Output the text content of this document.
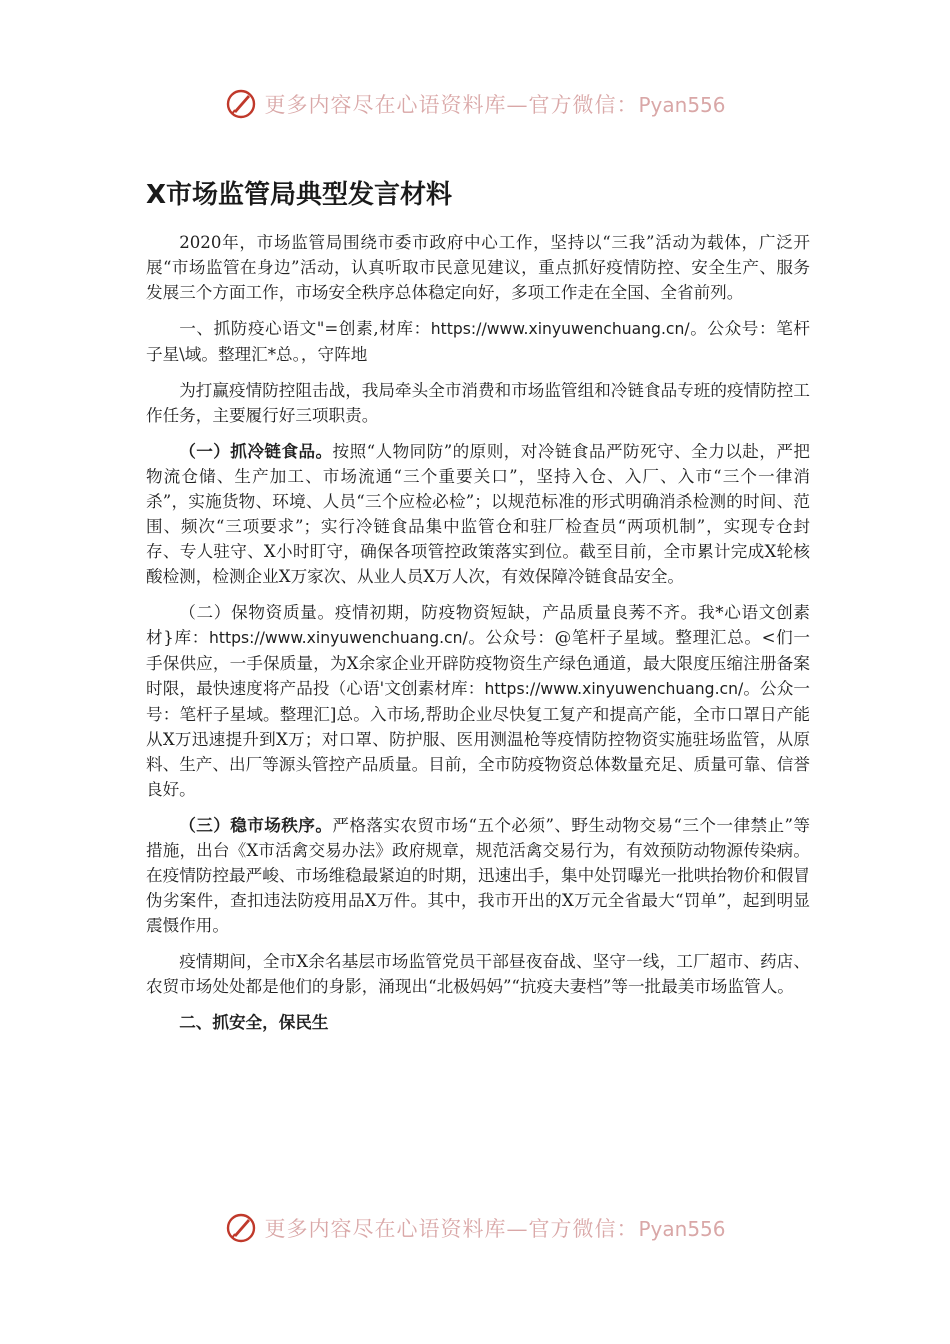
更多内容尽在心语资料库—官方微信：Pyan556
X市场监管局典型发言材料

2020年，市场监管局围绕市委市政府中心工作，坚持以“三我”活动为载体，广泛开展“市场监管在身边”活动，认真听取市民意见建议，重点抓好疫情防控、安全生产、服务发展三个方面工作，市场安全秩序总体稳定向好，多项工作走在全国、全省前列。

一、抓防疫心语文"=创素,材库：https://www.xinyuwenchuang.cn/。公众号：笔杆子星\域。整理汇*总。，守阵地

为打赢疫情防控阻击战，我局牵头全市消费和市场监管组和冷链食品专班的疫情防控工作任务，主要履行好三项职责。

（一）抓冷链食品。按照“人物同防”的原则，对冷链食品严防死守、全力以赴，严把物流仓储、生产加工、市场流通“三个重要关口”，坚持入仓、入厂、入市“三个一律消杀”，实施货物、环境、人员“三个应检必检”；以规范标准的形式明确消杀检测的时间、范围、频次“三项要求”；实行冷链食品集中监管仓和驻厂检查员“两项机制”，实现专仓封存、专人驻守、X小时盯守，确保各项管控政策落实到位。截至目前，全市累计完成X轮核酸检测，检测企业X万家次、从业人员X万人次，有效保障冷链食品安全。

（二）保物资质量。疫情初期，防疫物资短缺，产品质量良莠不齐。我*心语文创素材}库：https://www.xinyuwenchuang.cn/。公众号：@笔杆子星域。整理汇总。<们一手保供应，一手保质量，为X余家企业开辟防疫物资生产绿色通道，最大限度压缩注册备案时限，最快速度将产品投（心语'文创素材库：https://www.xinyuwenchuang.cn/。公众一号：笔杆子星域。整理汇]总。入市场,帮助企业尽快复工复产和提高产能，全市口罩日产能从X万迅速提升到X万；对口罩、防护服、医用测温枪等疫情防控物资实施驻场监管，从原料、生产、出厂等源头管控产品质量。目前，全市防疫物资总体数量充足、质量可靠、信誉良好。

（三）稳市场秩序。严格落实农贸市场“五个必须”、野生动物交易“三个一律禁止”等措施，出台《X市活禽交易办法》政府规章，规范活禽交易行为，有效预防动物源传染病。在疫情防控最严峻、市场维稳最紧迫的时期，迅速出手，集中处罚曝光一批哄抬物价和假冒伪劣案件，查扣违法防疫用品X万件。其中，我市开出的X万元全省最大“罚单”，起到明显震慑作用。

疫情期间，全市X余名基层市场监管党员干部昼夜奋战、坚守一线，工厂超市、药店、农贸市场处处都是他们的身影，涌现出“北极妈妈”“抗疫夫妻档”等一批最美市场监管人。

二、抓安全，保民生

更多内容尽在心语资料库—官方微信：Pyan556
